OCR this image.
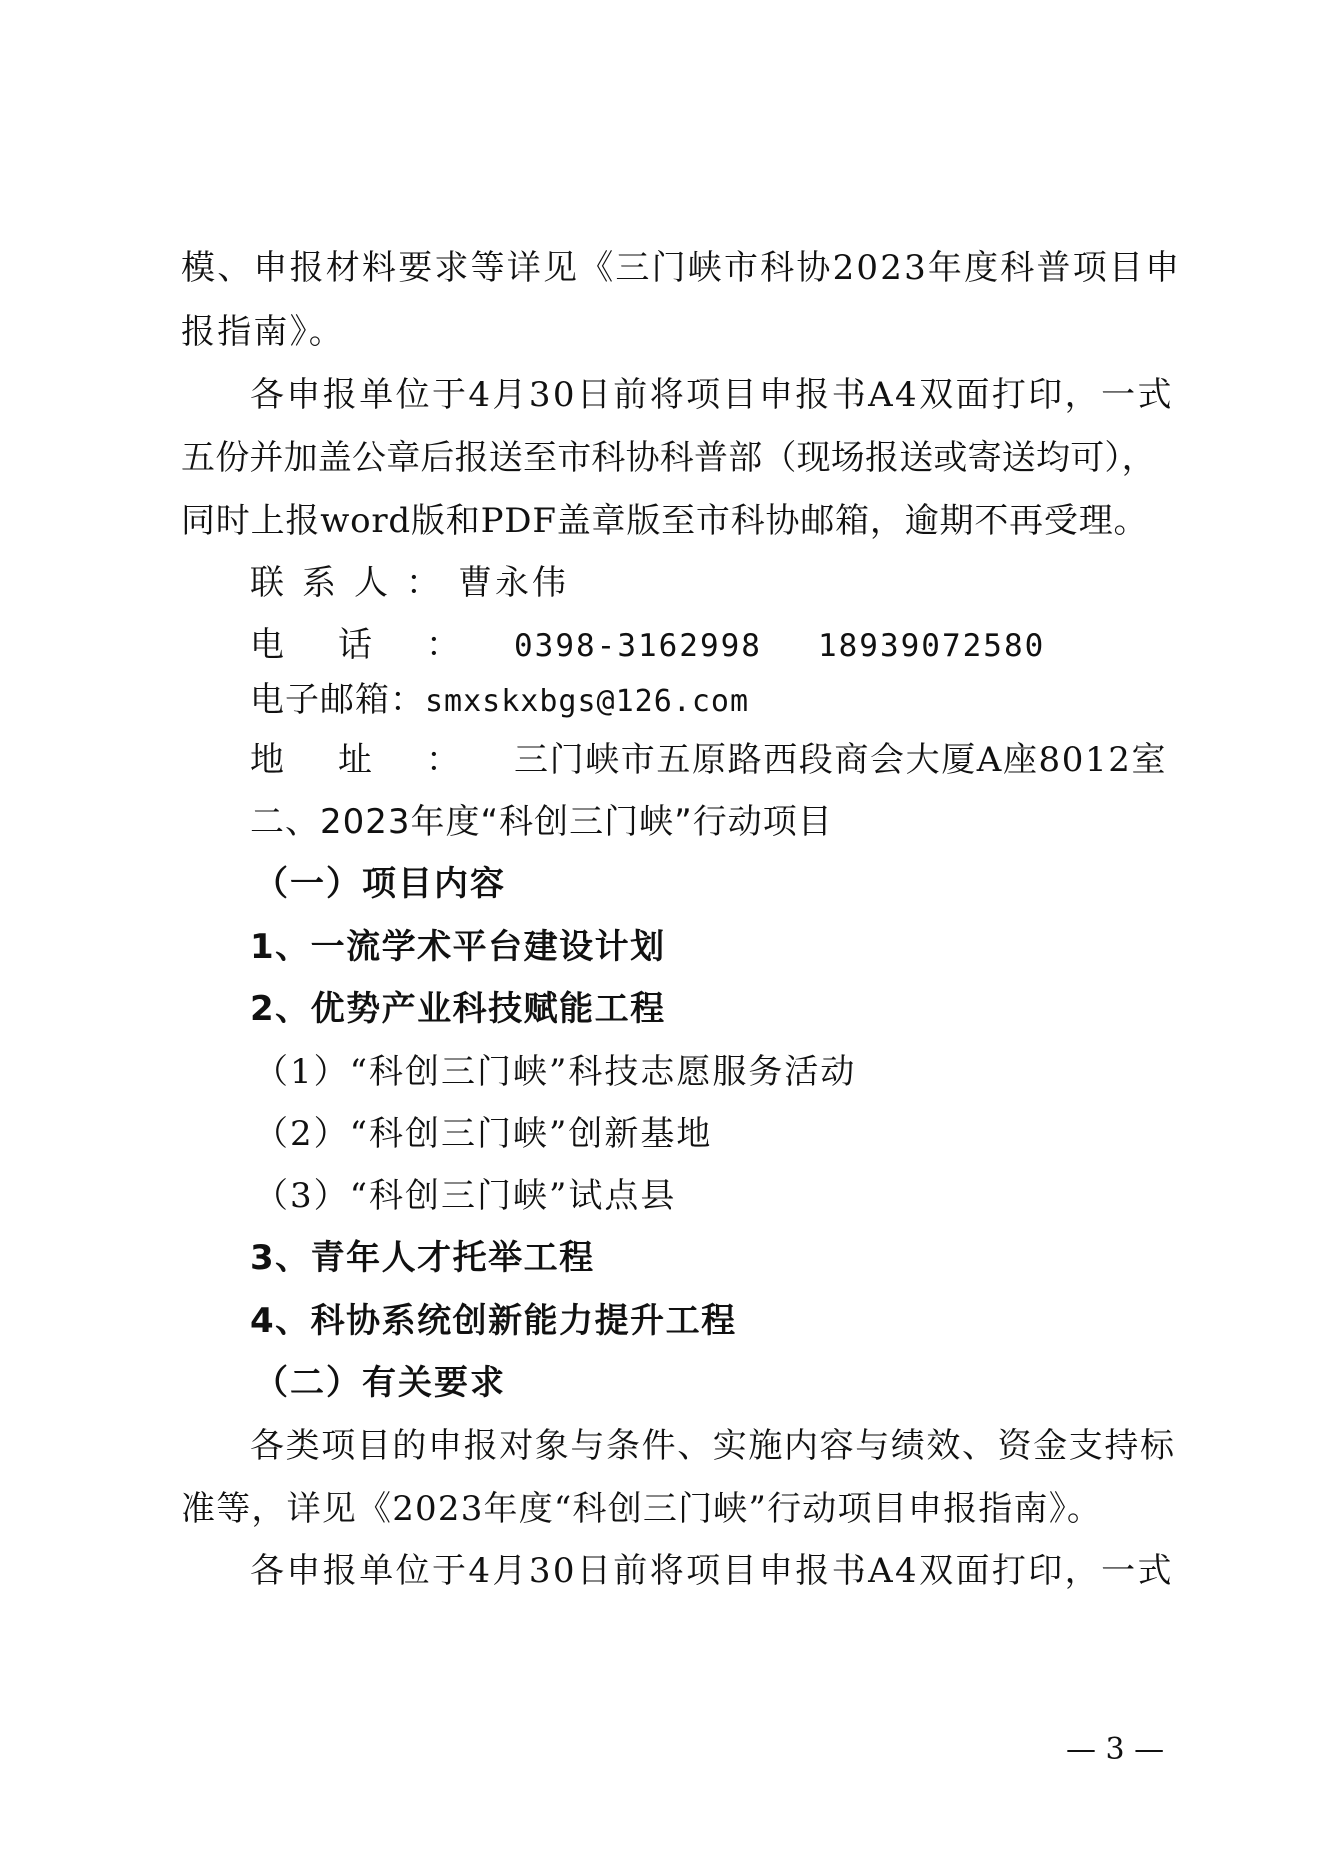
模、申报材料要求等详见《三门峡市科协2023年度科普项目申
报指南》。
各申报单位于4月30日前将项目申报书A4双面打印，一式
五份并加盖公章后报送至市科协科普部（现场报送或寄送均可），
同时上报word版和PDF盖章版至市科协邮箱，逾期不再受理。
联系人：曹永伟
电话：0398-3162998 18939072580
电子邮箱：smxskxbgs@126.com
地址：三门峡市五原路西段商会大厦A座8012室
二、2023年度“科创三门峡”行动项目
（一）项目内容
1、一流学术平台建设计划
2、优势产业科技赋能工程
（1）“科创三门峡”科技志愿服务活动
（2）“科创三门峡”创新基地
（3）“科创三门峡”试点县
3、青年人才托举工程
4、科协系统创新能力提升工程
（二）有关要求
各类项目的申报对象与条件、实施内容与绩效、资金支持标
准等，详见《2023年度“科创三门峡”行动项目申报指南》。
各申报单位于4月30日前将项目申报书A4双面打印，一式
— 3 —
